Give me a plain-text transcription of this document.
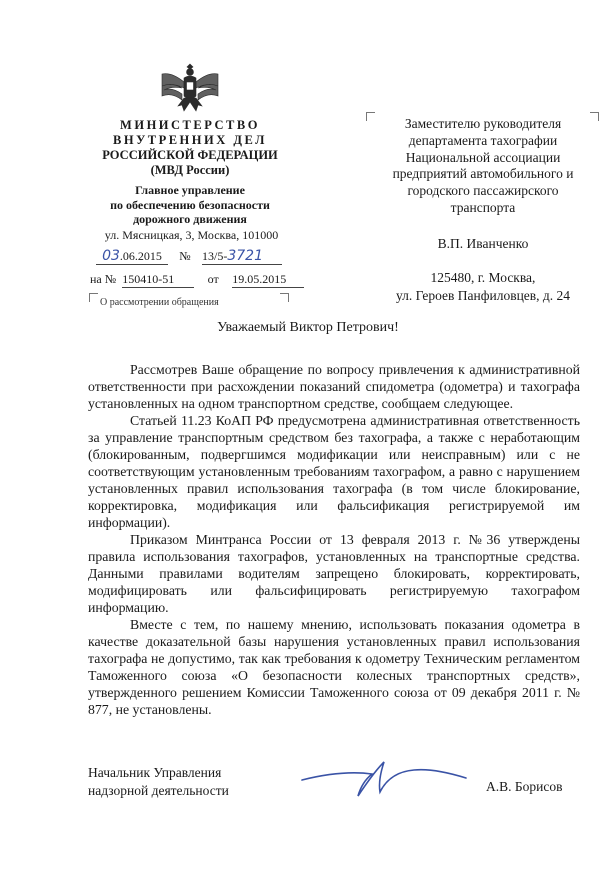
МИНИСТЕРСТВО
ВНУТРЕННИХ ДЕЛ
РОССИЙСКОЙ ФЕДЕРАЦИИ
(МВД России)
Главное управление
по обеспечению безопасности
дорожного движения
ул. Мясницкая, 3, Москва, 101000
03.06.2015 № 13/5-3721
на № 150410-51	от 19.05.2015
О рассмотрении обращения
Заместителю руководителя
департамента тахографии
Национальной ассоциации
предприятий автомобильного и
городского пассажирского
транспорта
В.П. Иванченко
125480, г. Москва,
ул. Героев Панфиловцев, д. 24
Уважаемый Виктор Петрович!

Рассмотрев Ваше обращение по вопросу привлечения к административной ответственности при расхождении показаний спидометра (одометра) и тахографа установленных на одном транспортном средстве, сообщаем следующее.

Статьей 11.23 КоАП РФ предусмотрена административная ответственность за управление транспортным средством без тахографа, а также с неработающим (блокированным, подвергшимся модификации или неисправным) или с не соответствующим установленным требованиям тахографом, а равно с нарушением установленных правил использования тахографа (в том числе блокирование, корректировка, модификация или фальсификация регистрируемой им информации).

Приказом Минтранса России от 13 февраля 2013 г. №36 утверждены правила использования тахографов, установленных на транспортные средства. Данными правилами водителям запрещено блокировать, корректировать, модифицировать или фальсифицировать регистрируемую тахографом информацию.

Вместе с тем, по нашему мнению, использовать показания одометра в качестве доказательной базы нарушения установленных правил использования тахографа не допустимо, так как требования к одометру Техническим регламентом Таможенного союза «О безопасности колесных транспортных средств», утвержденного решением Комиссии Таможенного союза от 09 декабря 2011 г. № 877, не установлены.

Начальник Управления
надзорной деятельности	А.В. Борисов
